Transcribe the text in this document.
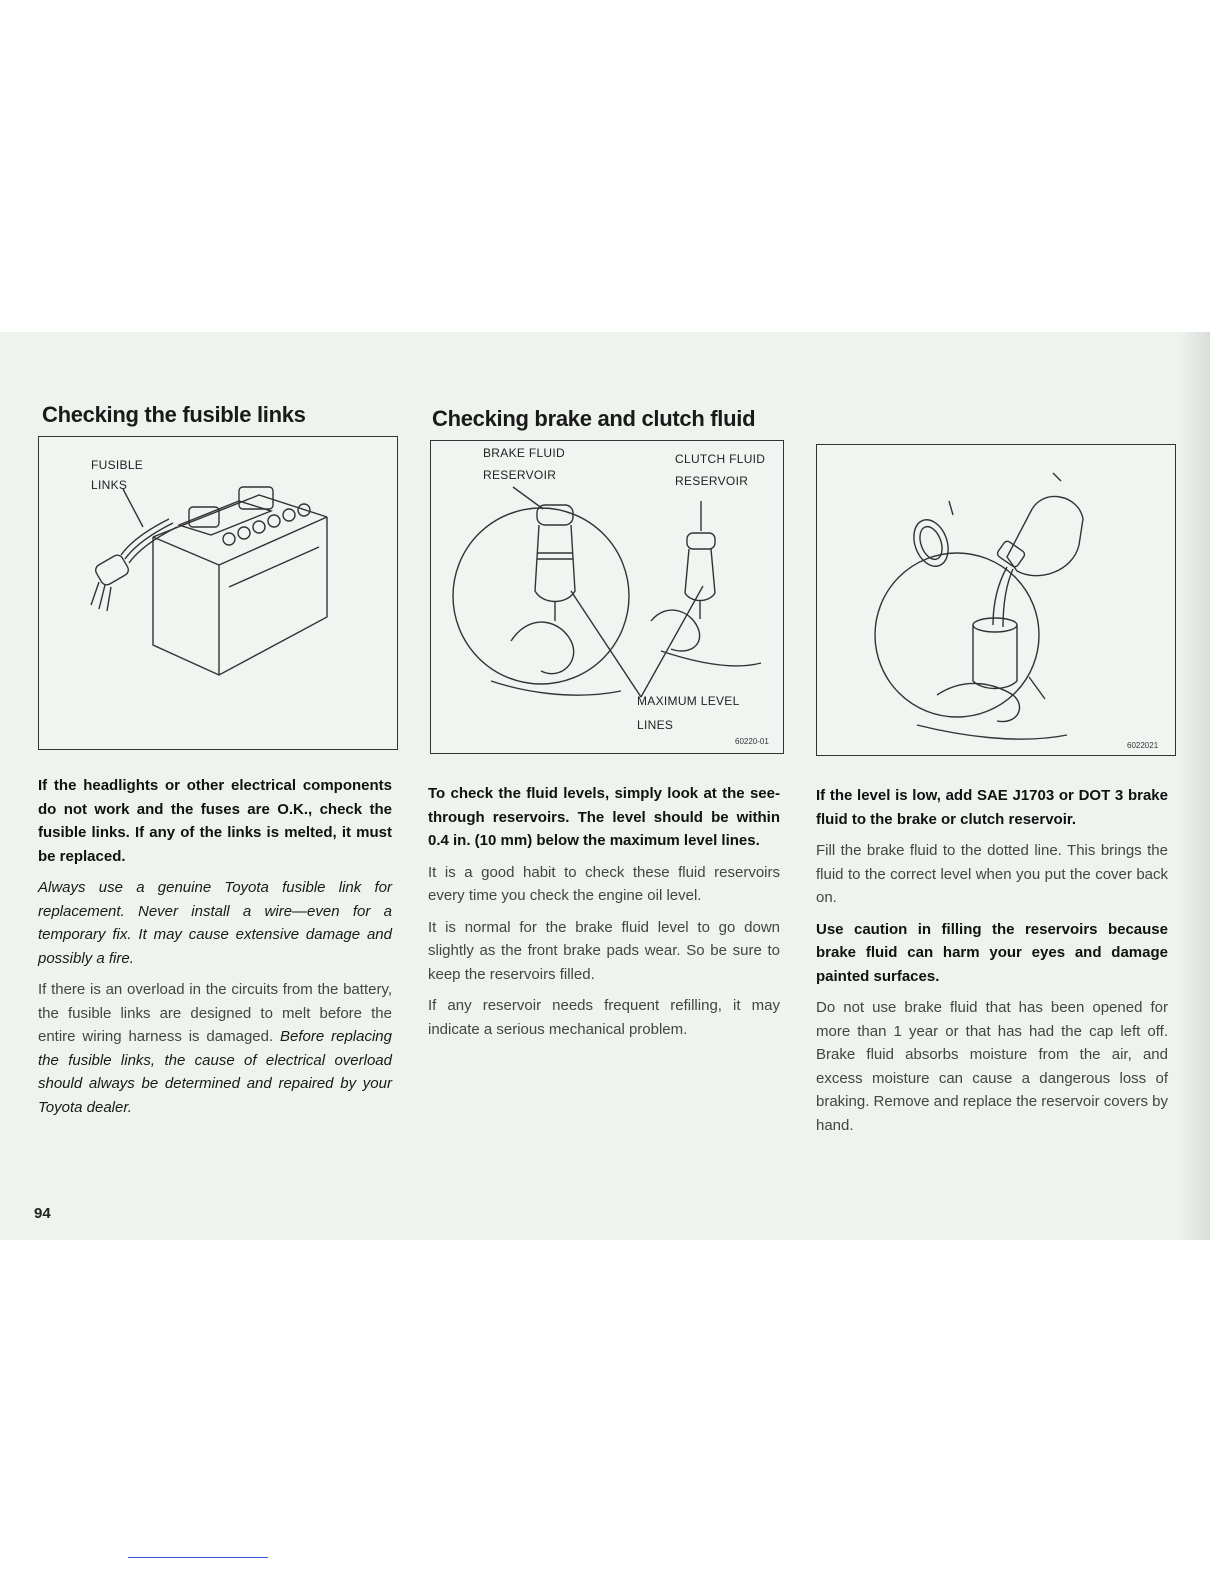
Checking the fusible links	Checking brake and clutch fluid
FUSIBLE
LINKS
BRAKE FLUID
RESERVOIR
CLUTCH FLUID
RESERVOIR
MAXIMUM LEVEL
LINES
60220-01	6022021

If the headlights or other electrical components do not work and the fuses are O.K., check the fusible links. If any of the links is melted, it must be replaced.

Always use a genuine Toyota fusible link for replacement. Never install a wire—even for a temporary fix. It may cause extensive damage and possibly a fire.

If there is an overload in the circuits from the battery, the fusible links are designed to melt before the entire wiring harness is damaged. Before replacing the fusible links, the cause of electrical overload should always be determined and repaired by your Toyota dealer.

To check the fluid levels, simply look at the see-through reservoirs. The level should be within 0.4 in. (10 mm) below the maximum level lines.

It is a good habit to check these fluid reservoirs every time you check the engine oil level.

It is normal for the brake fluid level to go down slightly as the front brake pads wear. So be sure to keep the reservoirs filled.

If any reservoir needs frequent refilling, it may indicate a serious mechanical problem.

If the level is low, add SAE J1703 or DOT 3 brake fluid to the brake or clutch reservoir.

Fill the brake fluid to the dotted line. This brings the fluid to the correct level when you put the cover back on.

Use caution in filling the reservoirs because brake fluid can harm your eyes and damage painted surfaces.

Do not use brake fluid that has been opened for more than 1 year or that has had the cap left off. Brake fluid absorbs moisture from the air, and excess moisture can cause a dangerous loss of braking. Remove and replace the reservoir covers by hand.

94
